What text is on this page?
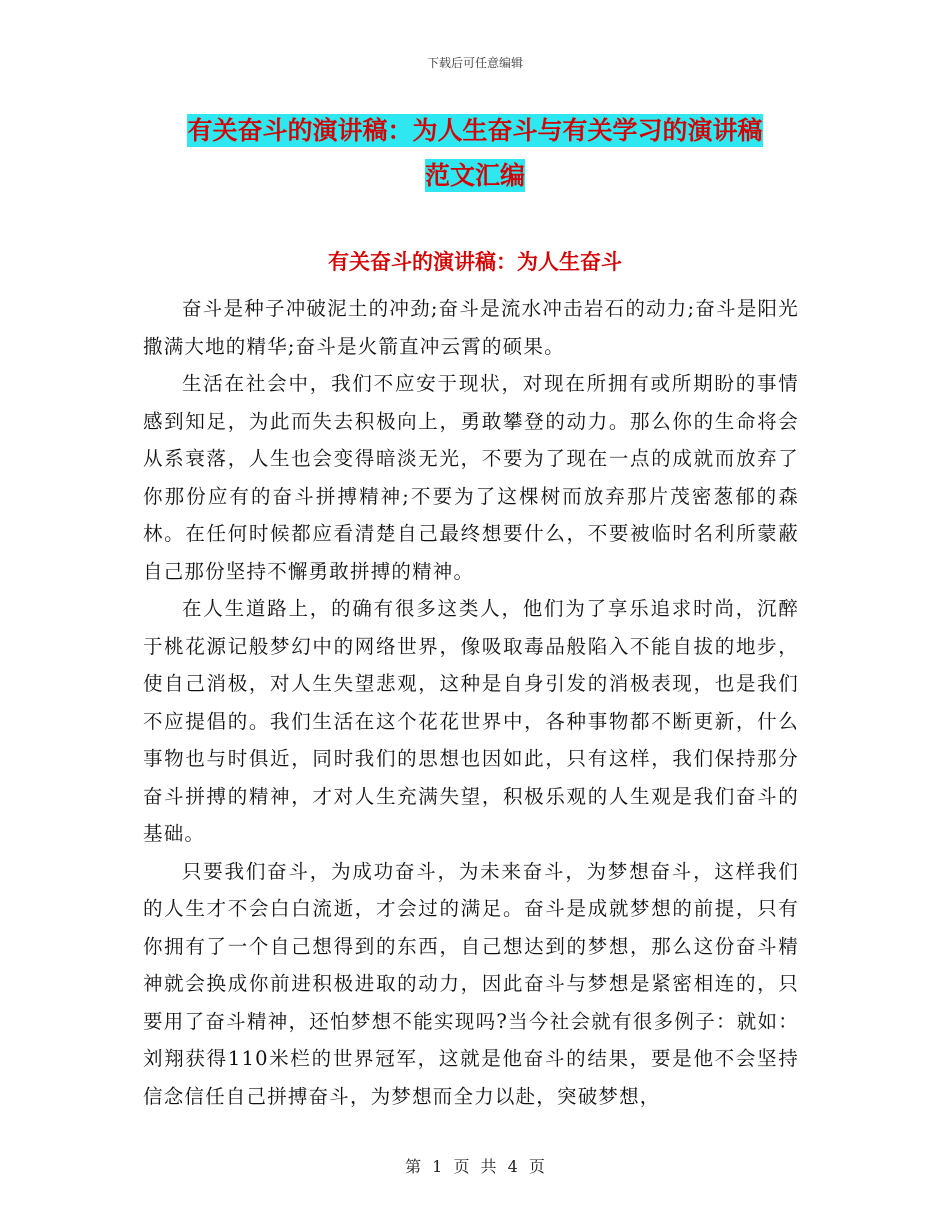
下载后可任意编辑
有关奋斗的演讲稿：为人生奋斗与有关学习的演讲稿
范文汇编
有关奋斗的演讲稿：为人生奋斗

奋斗是种子冲破泥土的冲劲;奋斗是流水冲击岩石的动力;奋斗是阳光撒满大地的精华;奋斗是火箭直冲云霄的硕果。

生活在社会中，我们不应安于现状，对现在所拥有或所期盼的事情感到知足，为此而失去积极向上，勇敢攀登的动力。那么你的生命将会从系衰落，人生也会变得暗淡无光，不要为了现在一点的成就而放弃了你那份应有的奋斗拼搏精神;不要为了这棵树而放弃那片茂密葱郁的森林。在任何时候都应看清楚自己最终想要什么，不要被临时名利所蒙蔽自己那份坚持不懈勇敢拼搏的精神。

在人生道路上，的确有很多这类人，他们为了享乐追求时尚，沉醉于桃花源记般梦幻中的网络世界，像吸取毒品般陷入不能自拔的地步，使自己消极，对人生失望悲观，这种是自身引发的消极表现，也是我们不应提倡的。我们生活在这个花花世界中，各种事物都不断更新，什么事物也与时俱近，同时我们的思想也因如此，只有这样，我们保持那分奋斗拼搏的精神，才对人生充满失望，积极乐观的人生观是我们奋斗的基础。

只要我们奋斗，为成功奋斗，为未来奋斗，为梦想奋斗，这样我们的人生才不会白白流逝，才会过的满足。奋斗是成就梦想的前提，只有你拥有了一个自己想得到的东西，自己想达到的梦想，那么这份奋斗精神就会换成你前进积极进取的动力，因此奋斗与梦想是紧密相连的，只要用了奋斗精神，还怕梦想不能实现吗?当今社会就有很多例子：就如：刘翔获得110米栏的世界冠军，这就是他奋斗的结果，要是他不会坚持信念信任自己拼搏奋斗，为梦想而全力以赴，突破梦想，

第 1 页 共 4 页
